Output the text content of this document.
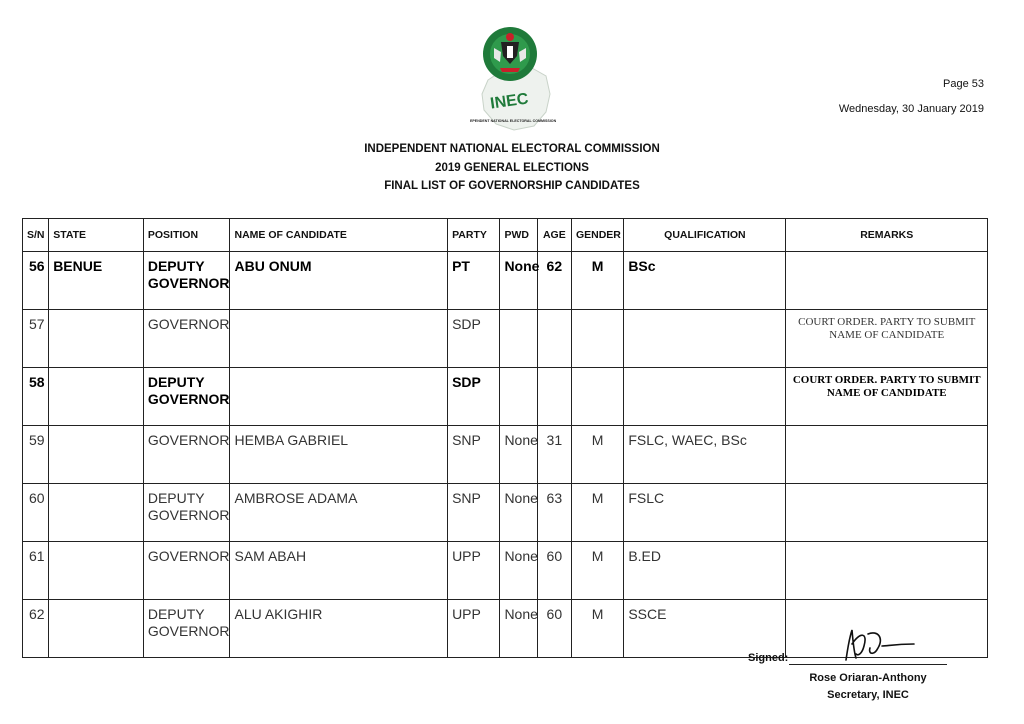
INEC
INDEPENDENT NATIONAL ELECTORAL COMMISSION
Page 53
Wednesday, 30 January 2019
INDEPENDENT NATIONAL ELECTORAL COMMISSION
2019 GENERAL ELECTIONS
FINAL LIST OF GOVERNORSHIP CANDIDATES
S/N	STATE	POSITION	NAME OF CANDIDATE	PARTY	PWD	AGE	GENDER	QUALIFICATION	REMARKS
56	BENUE	DEPUTY GOVERNOR	ABU ONUM	PT	None	62	M	BSc	
57		GOVERNOR		SDP					COURT ORDER. PARTY TO SUBMIT NAME OF CANDIDATE
58		DEPUTY GOVERNOR		SDP					COURT ORDER. PARTY TO SUBMIT NAME OF CANDIDATE
59		GOVERNOR	HEMBA GABRIEL	SNP	None	31	M	FSLC, WAEC, BSc	
60		DEPUTY GOVERNOR	AMBROSE ADAMA	SNP	None	63	M	FSLC	
61		GOVERNOR	SAM ABAH	UPP	None	60	M	B.ED	
62		DEPUTY GOVERNOR	ALU AKIGHIR	UPP	None	60	M	SSCE	
Signed:
Rose Oriaran-Anthony
Secretary, INEC
